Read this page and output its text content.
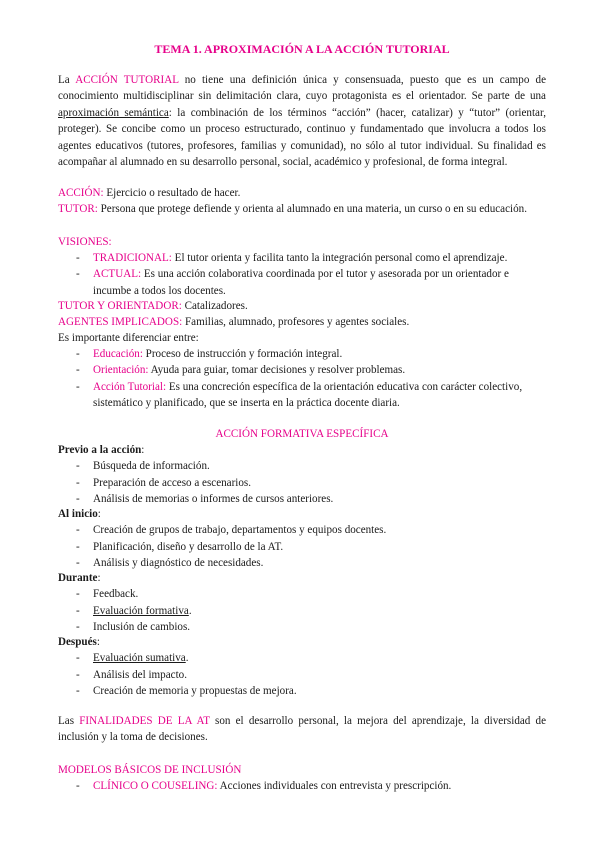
TEMA 1. APROXIMACIÓN A LA ACCIÓN TUTORIAL
La ACCIÓN TUTORIAL no tiene una definición única y consensuada, puesto que es un campo de conocimiento multidisciplinar sin delimitación clara, cuyo protagonista es el orientador. Se parte de una aproximación semántica: la combinación de los términos “acción” (hacer, catalizar) y “tutor” (orientar, proteger). Se concibe como un proceso estructurado, continuo y fundamentado que involucra a todos los agentes educativos (tutores, profesores, familias y comunidad), no sólo al tutor individual. Su finalidad es acompañar al alumnado en su desarrollo personal, social, académico y profesional, de forma integral.
ACCIÓN: Ejercicio o resultado de hacer.
TUTOR: Persona que protege defiende y orienta al alumnado en una materia, un curso o en su educación.
VISIONES:
- TRADICIONAL: El tutor orienta y facilita tanto la integración personal como el aprendizaje.
- ACTUAL: Es una acción colaborativa coordinada por el tutor y asesorada por un orientador e incumbe a todos los docentes.
TUTOR Y ORIENTADOR: Catalizadores.
AGENTES IMPLICADOS: Familias, alumnado, profesores y agentes sociales.
Es importante diferenciar entre:
- Educación: Proceso de instrucción y formación integral.
- Orientación: Ayuda para guiar, tomar decisiones y resolver problemas.
- Acción Tutorial: Es una concreción específica de la orientación educativa con carácter colectivo, sistemático y planificado, que se inserta en la práctica docente diaria.
ACCIÓN FORMATIVA ESPECÍFICA
Previo a la acción:
- Búsqueda de información.
- Preparación de acceso a escenarios.
- Análisis de memorias o informes de cursos anteriores.
Al inicio:
- Creación de grupos de trabajo, departamentos y equipos docentes.
- Planificación, diseño y desarrollo de la AT.
- Análisis y diagnóstico de necesidades.
Durante:
- Feedback.
- Evaluación formativa.
- Inclusión de cambios.
Después:
- Evaluación sumativa.
- Análisis del impacto.
- Creación de memoria y propuestas de mejora.
Las FINALIDADES DE LA AT son el desarrollo personal, la mejora del aprendizaje, la diversidad de inclusión y la toma de decisiones.
MODELOS BÁSICOS DE INCLUSIÓN
- CLÍNICO O COUSELING: Acciones individuales con entrevista y prescripción.
